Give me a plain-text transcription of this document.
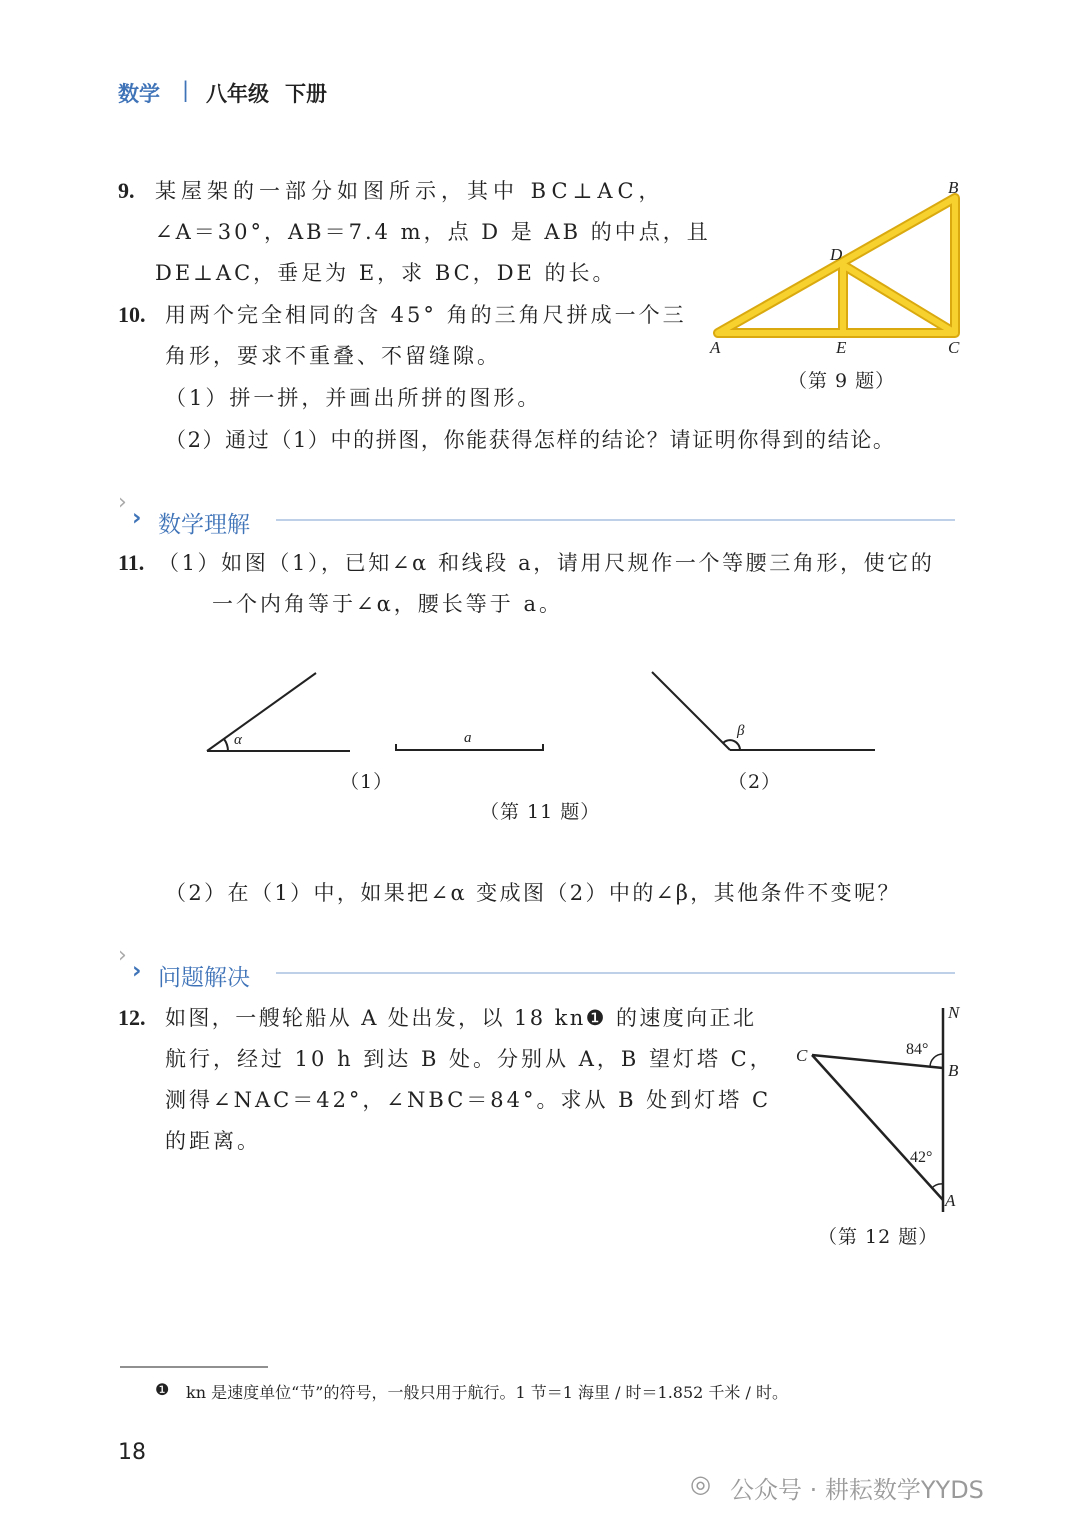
数学 | 八年级 下册
9. 某屋架的一部分如图所示，其中 BC⊥AC，
∠A＝30°，AB＝7.4 m，点 D 是 AB 的中点，且
DE⊥AC，垂足为 E，求 BC，DE 的长。
10. 用两个完全相同的含 45° 角的三角尺拼成一个三
角形，要求不重叠、不留缝隙。
（1）拼一拼，并画出所拼的图形。
（2）通过（1）中的拼图，你能获得怎样的结论？请证明你得到的结论。
A	E	C
D
B
（第 9 题）
›
› 数学理解
11. （1）如图（1），已知∠α 和线段 a，请用尺规作一个等腰三角形，使它的
一个内角等于∠α，腰长等于 a。
α	a	β
（1）	（2）
（第 11 题）
（2）在（1）中，如果把∠α 变成图（2）中的∠β，其他条件不变呢？
›
› 问题解决
12. 如图，一艘轮船从 A 处出发，以 18 kn❶ 的速度向正北
航行，经过 10 h 到达 B 处。分别从 A，B 望灯塔 C，
测得∠NAC＝42°，∠NBC＝84°。求从 B 处到灯塔 C
的距离。
N
B
C
A
84°
42°
（第 12 题）
❶ kn 是速度单位“节”的符号，一般只用于航行。1 节＝1 海里 / 时＝1.852 千米 / 时。
18
◎ 公众号 · 耕耘数学YYDS
